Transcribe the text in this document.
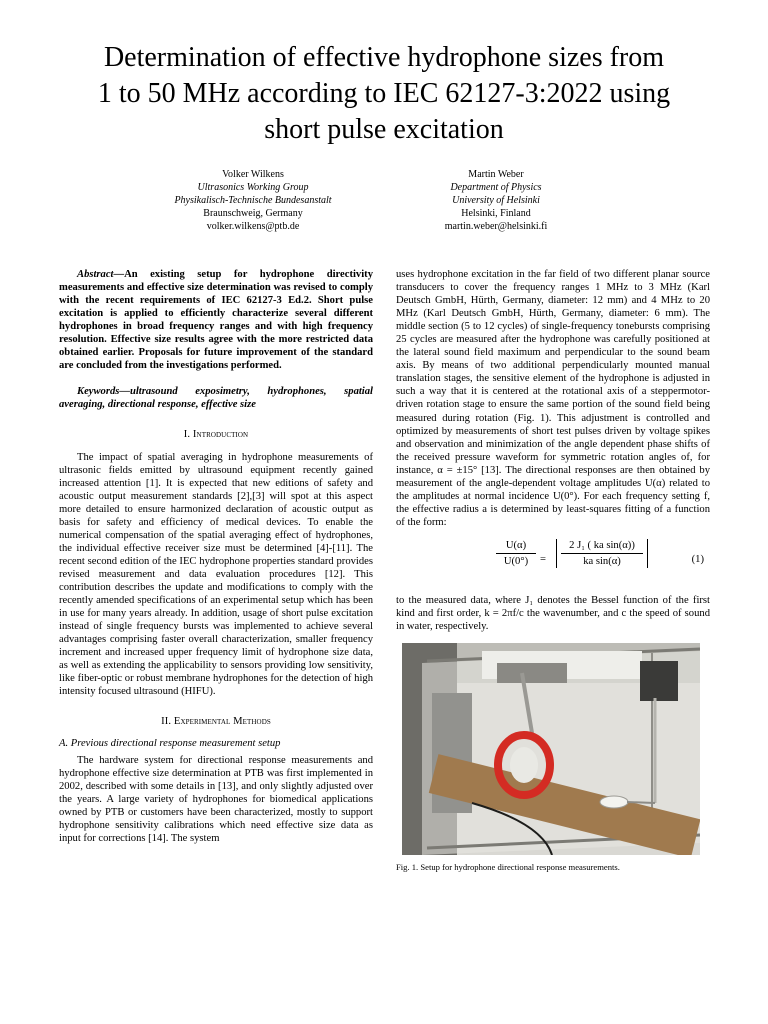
Determination of effective hydrophone sizes from
1 to 50 MHz according to IEC 62127-3:2022 using
short pulse excitation
Volker Wilkens
Ultrasonics Working Group
Physikalisch-Technische Bundesanstalt
Braunschweig, Germany
volker.wilkens@ptb.de
Martin Weber
Department of Physics
University of Helsinki
Helsinki, Finland
martin.weber@helsinki.fi

Abstract—An existing setup for hydrophone directivity measurements and effective size determination was revised to comply with the recent requirements of IEC 62127-3 Ed.2. Short pulse excitation is applied to efficiently characterize several different hydrophones in broad frequency ranges and with high frequency resolution. Effective size results agree with the more restricted data obtained earlier. Proposals for future improvement of the standard are concluded from the investigations performed.

Keywords—ultrasound exposimetry, hydrophones, spatial averaging, directional response, effective size

I. Introduction

The impact of spatial averaging in hydrophone measurements of ultrasonic fields emitted by ultrasound equipment recently gained increased attention [1]. It is expected that new editions of safety and acoustic output measurement standards [2],[3] will spot at this aspect more detailed to ensure harmonized declaration of acoustic output as basis for safety and efficiency of medical devices. To enable the numerical compensation of the spatial averaging effect of hydrophones, the individual effective receiver size must be determined [4]-[11]. The recent second edition of the IEC hydrophone properties standard provides revised measurement and data evaluation procedures [12]. This contribution describes the update and modifications to comply with the recently amended specifications of an experimental setup which has been in use for many years already. In addition, usage of short pulse excitation instead of single frequency bursts was implemented to achieve several advantages comprising faster overall characterization, smaller frequency increment and increased upper frequency limit of hydrophone size data, as well as extending the applicability to sensors providing low sensitivity, like fiber-optic or robust membrane hydrophones for the detection of high intensity focused ultrasound (HIFU).

II. Experimental Methods

A. Previous directional response measurement setup

The hardware system for directional response measurements and hydrophone effective size determination at PTB was first implemented in 2002, described with some details in [13], and only slightly adjusted over the years. A large variety of hydrophones for biomedical applications owned by PTB or customers have been characterized, mostly to support hydrophone sensitivity calibrations which need effective size data as input for corrections [14]. The system

uses hydrophone excitation in the far field of two different planar source transducers to cover the frequency ranges 1 MHz to 3 MHz (Karl Deutsch GmbH, Hürth, Germany, diameter: 12 mm) and 4 MHz to 20 MHz (Karl Deutsch GmbH, Hürth, Germany, diameter: 6 mm). The middle section (5 to 12 cycles) of single-frequency tonebursts comprising 25 cycles are measured after the hydrophone was carefully positioned at the lateral sound field maximum and perpendicular to the sound beam axis. By means of two additional perpendicularly mounted manual translation stages, the sensitive element of the hydrophone is adjusted in such a way that it is centered at the rotational axis of a steppermotor-driven rotation stage to ensure the same portion of the sound field being measured during rotation (Fig. 1). This adjustment is controlled and optimized by measurements of short test pulses driven by voltage spikes and observation and minimization of the angle dependent phase shifts of the received pressure waveform for symmetric rotation angles of, for instance, α = ±15° [13]. The directional responses are then obtained by measurement of the angle-dependent voltage amplitudes U(α) related to the amplitudes at normal incidence U(0°). For each frequency setting f, the effective radius a is determined by least-squares fitting of a function of the form:

U(α)
U(0°)	=
2 J₁ ( ka sin(α))
ka sin(α)	(1)

to the measured data, where J₁ denotes the Bessel function of the first kind and first order, k = 2πf/c the wavenumber, and c the speed of sound in water, respectively.

Fig. 1. Setup for hydrophone directional response measurements.
